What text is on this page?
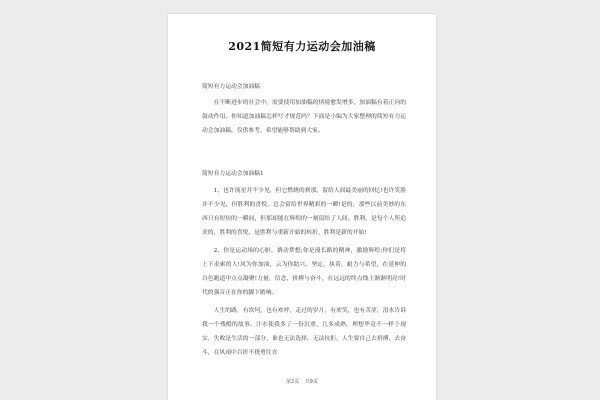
2021简短有力运动会加油稿
简短有力运动会加油稿

在不断进步的社会中，需要使用加油稿的情境愈发增多，加油稿有着正向的鼓动作用。你知道加油稿怎样写才规范吗？下面是小编为大家整理的简短有力运动会加油稿，仅供参考，希望能够帮助到大家。

简短有力运动会加油稿1

1、也许流星并不少见，但它燃烧的刹那，留给人间最美丽的回忆!也许笑脸并不少见，但胜利的喜悦，总会留给世界精彩的一瞬!是的，那些以前美妙的东西只有短短的一瞬间，但那却能在辉煌的一刻留给了人间。胜利，是每个人所追求的，胜利的喜悦，是胜利与重新开始的转折，胜利是新的开始!

2、你是运动场的心脏，挑动梦想;你是漫长路的精神，激励辉煌;你们是将上下求索的人!风为你加油，云为你助兴，坚定，执着，耐力与希望，在延伸的白色跑道中点点凝聚!力量，信念，拼搏与奋斗，在远远的终点线上渐渐明亮!时代的强音正在你的脚下踏响。

人生的路，有坎坷，也有欢呼，走过的岁月，有欢笑，也有苦涩，泪水告诉我一个残酷的故事，汗水使我多了一份沉重，几多成熟。理想毕竟不一样于现实，失败是生活的一部分，谁也无法选择，无法抗拒，人生要自己去拼搏，去奋斗，在风雨中百折不挠勇往直

第2页 共9页
